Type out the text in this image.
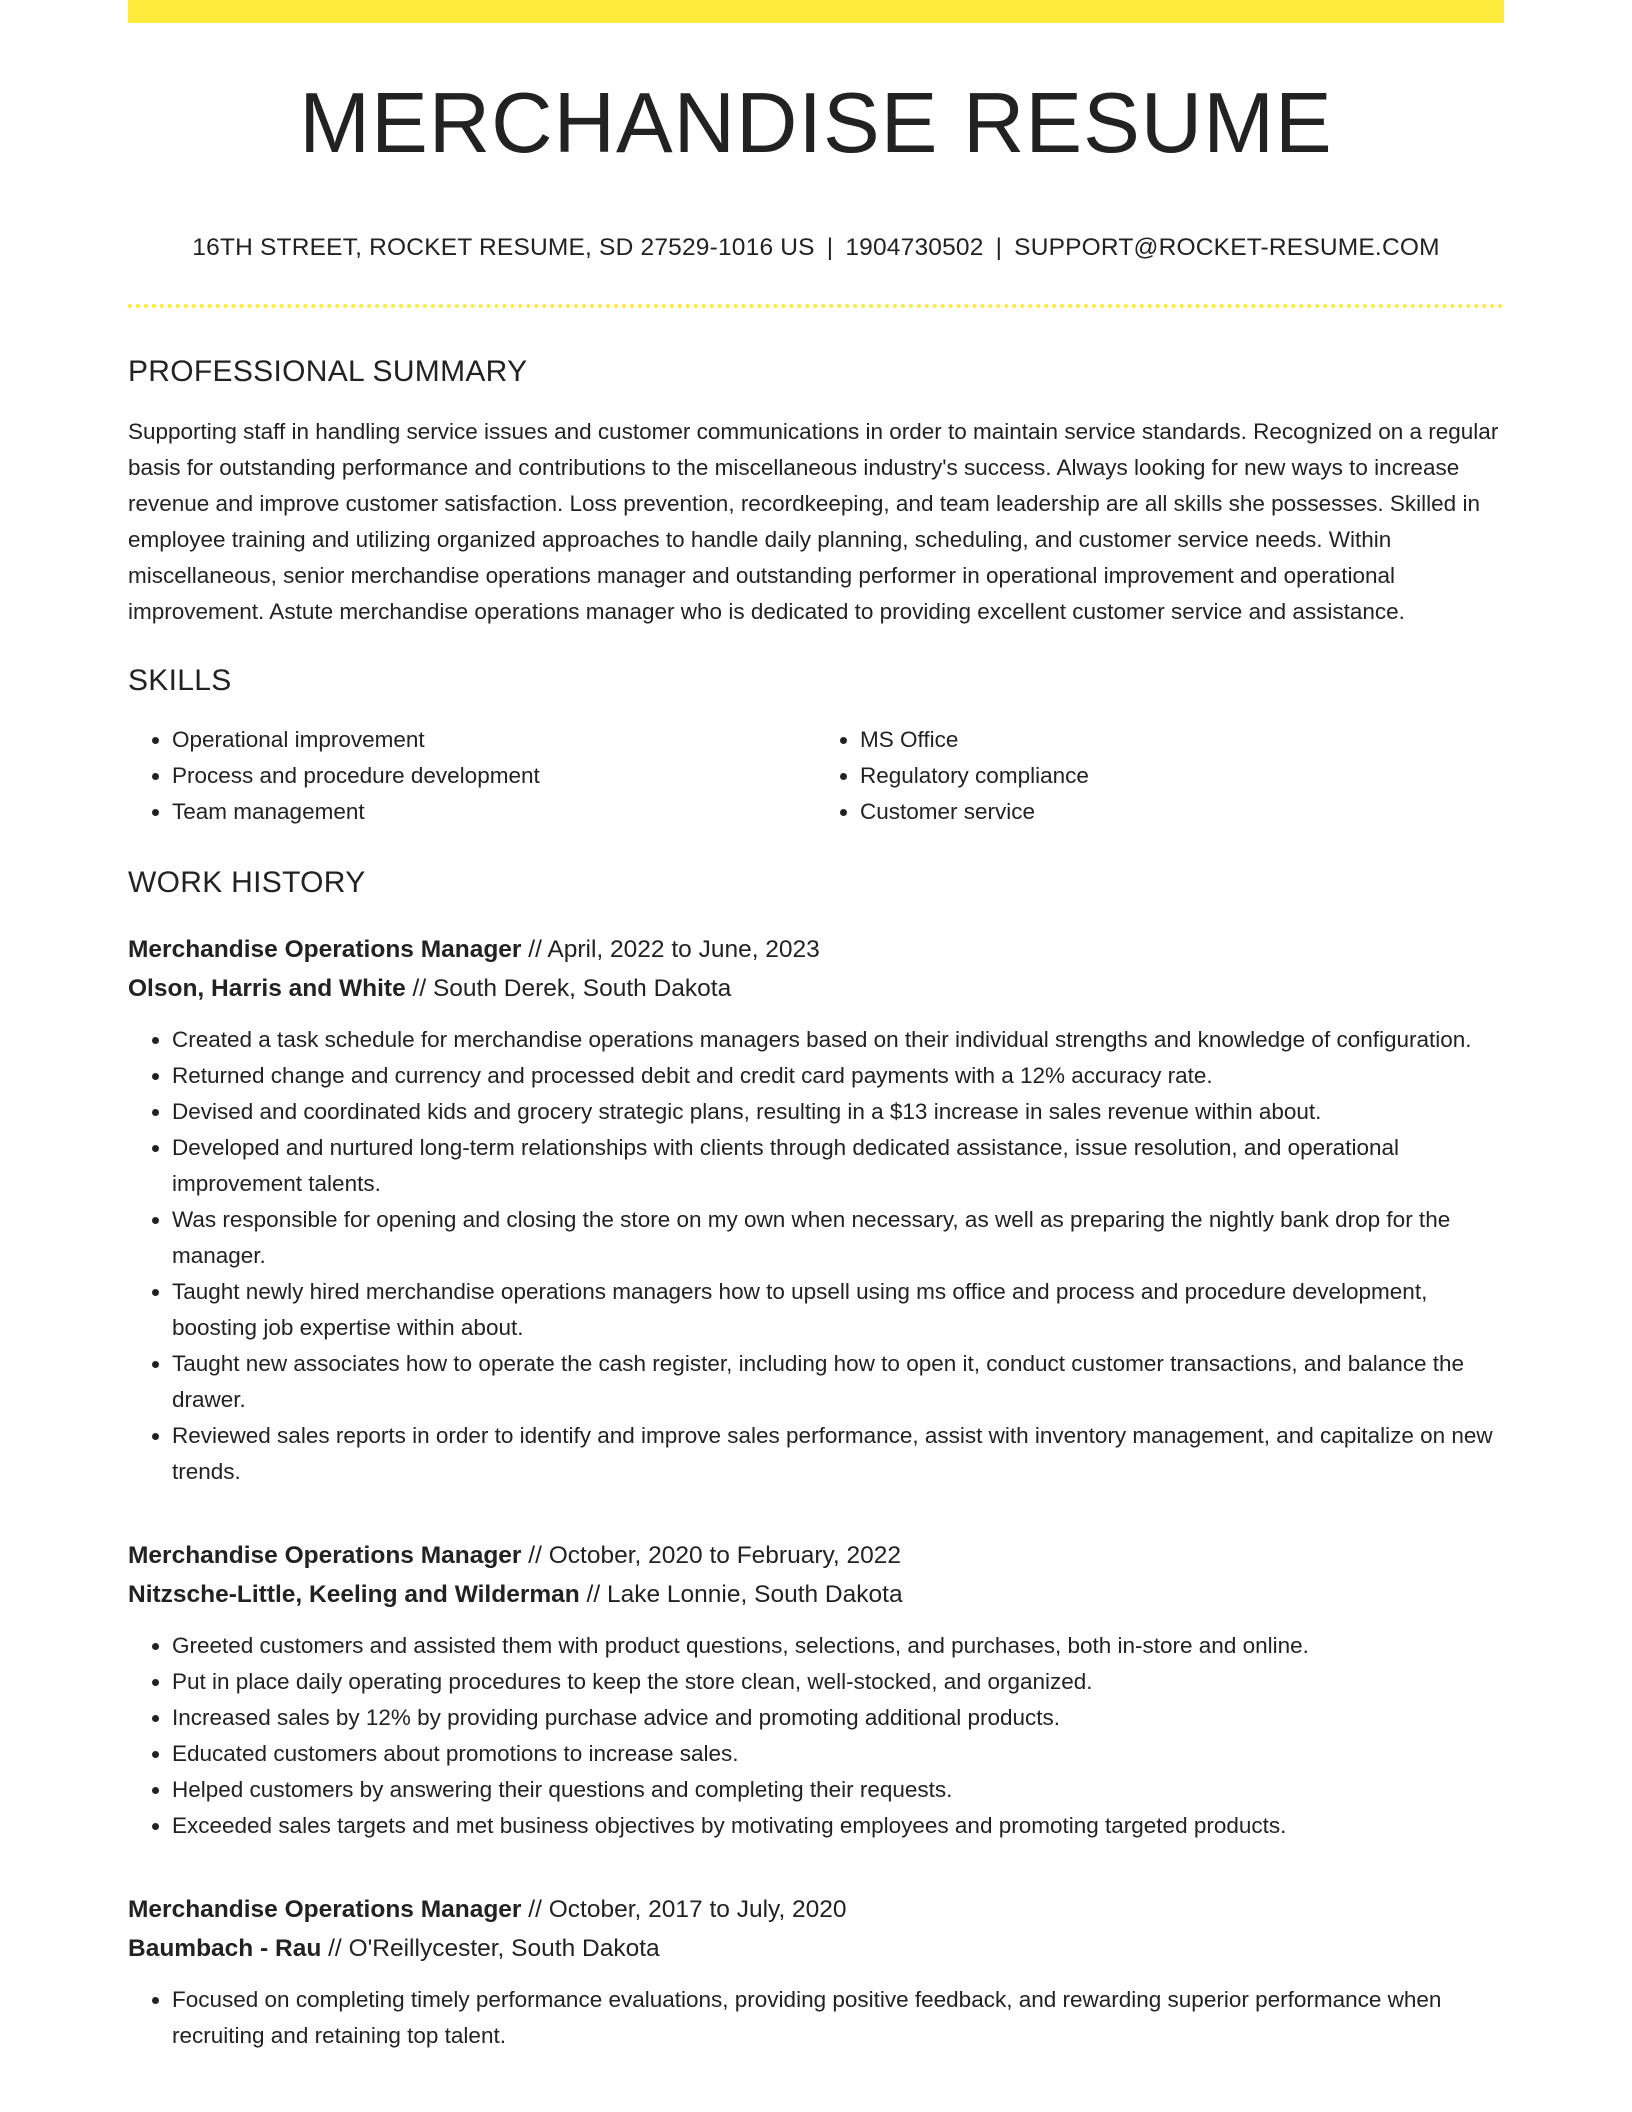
MERCHANDISE RESUME
16TH STREET, ROCKET RESUME, SD 27529-1016 US | 1904730502 | SUPPORT@ROCKET-RESUME.COM
PROFESSIONAL SUMMARY

Supporting staff in handling service issues and customer communications in order to maintain service standards. Recognized on a regular basis for outstanding performance and contributions to the miscellaneous industry's success. Always looking for new ways to increase revenue and improve customer satisfaction. Loss prevention, recordkeeping, and team leadership are all skills she possesses. Skilled in employee training and utilizing organized approaches to handle daily planning, scheduling, and customer service needs. Within miscellaneous, senior merchandise operations manager and outstanding performer in operational improvement and operational improvement. Astute merchandise operations manager who is dedicated to providing excellent customer service and assistance.

SKILLS
• Operational improvement
• Process and procedure development
• Team management
• MS Office
• Regulatory compliance
• Customer service
WORK HISTORY
Merchandise Operations Manager // April, 2022 to June, 2023
Olson, Harris and White // South Derek, South Dakota
• Created a task schedule for merchandise operations managers based on their individual strengths and knowledge of configuration.
• Returned change and currency and processed debit and credit card payments with a 12% accuracy rate.
• Devised and coordinated kids and grocery strategic plans, resulting in a $13 increase in sales revenue within about.
• Developed and nurtured long-term relationships with clients through dedicated assistance, issue resolution, and operational improvement talents.
• Was responsible for opening and closing the store on my own when necessary, as well as preparing the nightly bank drop for the manager.
• Taught newly hired merchandise operations managers how to upsell using ms office and process and procedure development, boosting job expertise within about.
• Taught new associates how to operate the cash register, including how to open it, conduct customer transactions, and balance the drawer.
• Reviewed sales reports in order to identify and improve sales performance, assist with inventory management, and capitalize on new trends.
Merchandise Operations Manager // October, 2020 to February, 2022
Nitzsche-Little, Keeling and Wilderman // Lake Lonnie, South Dakota
• Greeted customers and assisted them with product questions, selections, and purchases, both in-store and online.
• Put in place daily operating procedures to keep the store clean, well-stocked, and organized.
• Increased sales by 12% by providing purchase advice and promoting additional products.
• Educated customers about promotions to increase sales.
• Helped customers by answering their questions and completing their requests.
• Exceeded sales targets and met business objectives by motivating employees and promoting targeted products.
Merchandise Operations Manager // October, 2017 to July, 2020
Baumbach - Rau // O'Reillycester, South Dakota
• Focused on completing timely performance evaluations, providing positive feedback, and rewarding superior performance when recruiting and retaining top talent.
